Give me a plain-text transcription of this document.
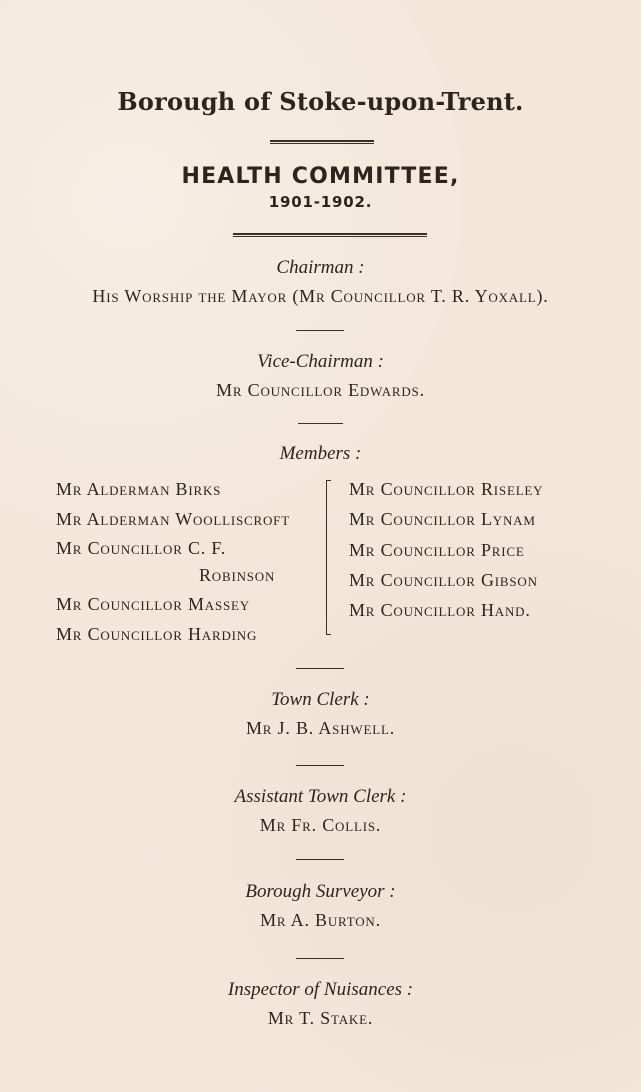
Borough of Stoke-upon-Trent.
HEALTH COMMITTEE,
1901-1902.
Chairman :
His Worship the Mayor (Mr Councillor T. R. Yoxall).
Vice-Chairman :
Mr Councillor Edwards.
Members :
Mr Alderman Birks
Mr Alderman Woolliscroft
Mr Councillor C. F.
Robinson
Mr Councillor Massey
Mr Councillor Harding
Mr Councillor Riseley
Mr Councillor Lynam
Mr Councillor Price
Mr Councillor Gibson
Mr Councillor Hand.
Town Clerk :
Mr J. B. Ashwell.
Assistant Town Clerk :
Mr Fr. Collis.
Borough Surveyor :
Mr A. Burton.
Inspector of Nuisances :
Mr T. Stake.
